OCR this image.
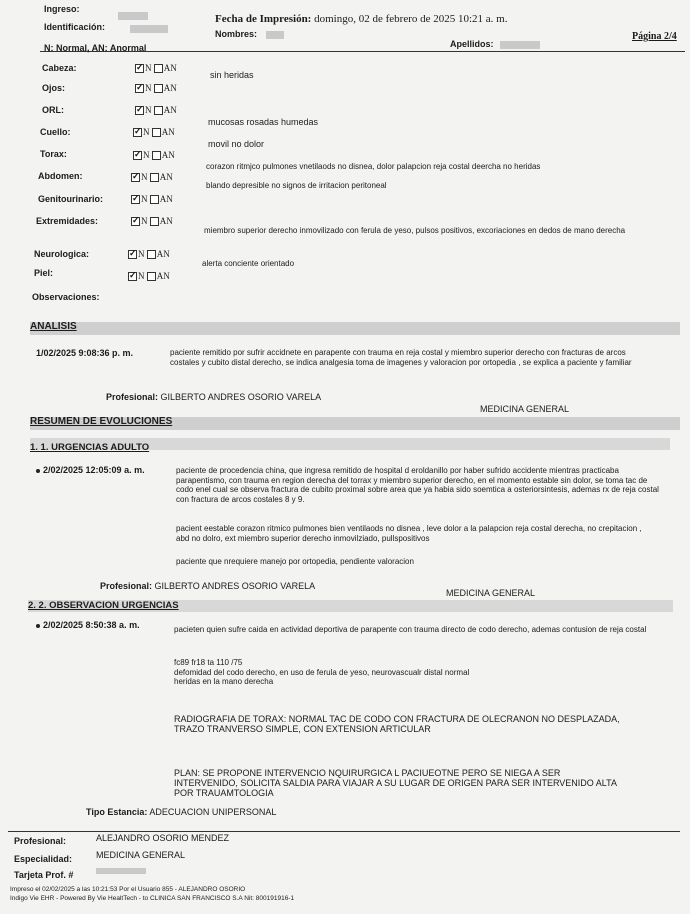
Ingreso:
Identificación:
Fecha de Impresión: domingo, 02 de febrero de 2025 10:21 a. m.
Nombres:
Apellidos:
Página 2/4
N: Normal, AN: Anormal
Cabeza: ✓	N AN
sin heridas
Ojos: ✓	N AN
ORL: ✓	N AN
mucosas rosadas humedas
Cuello: ✓	N AN
movil no dolor
Torax: ✓	N AN
corazon ritmjco pulmones vnetilaods no disnea, dolor palapcion reja costal deercha no heridas
Abdomen: ✓	N AN
blando depresible no signos de irritacion peritoneal
Genitourinario: ✓	N AN
Extremidades: ✓	N AN
miembro superior derecho inmovilizado con ferula de yeso, pulsos positivos, excoriaciones en dedos de mano derecha
Neurologica: ✓	N AN
alerta conciente orientado
Piel: ✓	N AN
Observaciones:
ANALISIS
1/02/2025 9:08:36 p. m.	paciente remitido por sufrir accidnete en parapente con trauma en reja costal y miembro superior derecho con fracturas de arcos costales y cubito distal derecho, se indica analgesia toma de imagenes y valoracion por ortopedia , se explica a paciente y familiar
Profesional: GILBERTO ANDRES OSORIO VARELA
MEDICINA GENERAL
RESUMEN DE EVOLUCIONES
1. 1. URGENCIAS ADULTO
2/02/2025 12:05:09 a. m.	paciente de procedencia china, que ingresa remitido de hospital d eroldanillo por haber sufrido accidente mientras practicaba parapentismo, con trauma en region derecha del torrax y miembro superior derecho, en el momento estable sin dolor, se toma tac de codo enel cual se observa fractura de cubito proximal sobre area que ya habia sido soemtica a osteriorsintesis, ademas rx de reja costal con fractura de arcos costales 8 y 9.
pacient eestable corazon ritmico pulmones bien ventilaods no disnea , leve dolor a la palapcion reja costal derecha, no crepitacion , abd no dolro, ext miembro superior derecho inmovilziado, pullspositivos
paciente que nrequiere manejo por ortopedia, pendiente valoracion
Profesional: GILBERTO ANDRES OSORIO VARELA
MEDICINA GENERAL
2. 2. OBSERVACION URGENCIAS
2/02/2025 8:50:38 a. m.	pacieten quien sufre caida en actividad deportiva de parapente con trauma directo de codo derecho, ademas contusion de reja costal
fc89 fr18 ta 110 /75
defomidad del codo derecho, en uso de ferula de yeso, neurovascualr distal normal
heridas en la mano derecha
RADIOGRAFIA DE TORAX: NORMAL TAC DE CODO CON FRACTURA DE OLECRANON NO DESPLAZADA, TRAZO TRANVERSO SIMPLE, CON EXTENSION ARTICULAR
PLAN: SE PROPONE INTERVENCIO NQUIRURGICA L PACIUEOTNE PERO SE NIEGA A SER INTERVENIDO, SOLICITA SALDIA PARA VIAJAR A SU LUGAR DE ORIGEN PARA SER INTERVENIDO ALTA POR TRAUAMTOLOGIA
Tipo Estancia: ADECUACION UNIPERSONAL
Profesional:	ALEJANDRO OSORIO MENDEZ
Especialidad:	MEDICINA GENERAL
Tarjeta Prof. #
Impreso el 02/02/2025 a las 10:21:53 Por el Usuario 855 - ALEJANDRO OSORIO
Indigo Vie EHR - Powered By Vie HealtTech - to CLINICA SAN FRANCISCO S.A Nit: 800191916-1
